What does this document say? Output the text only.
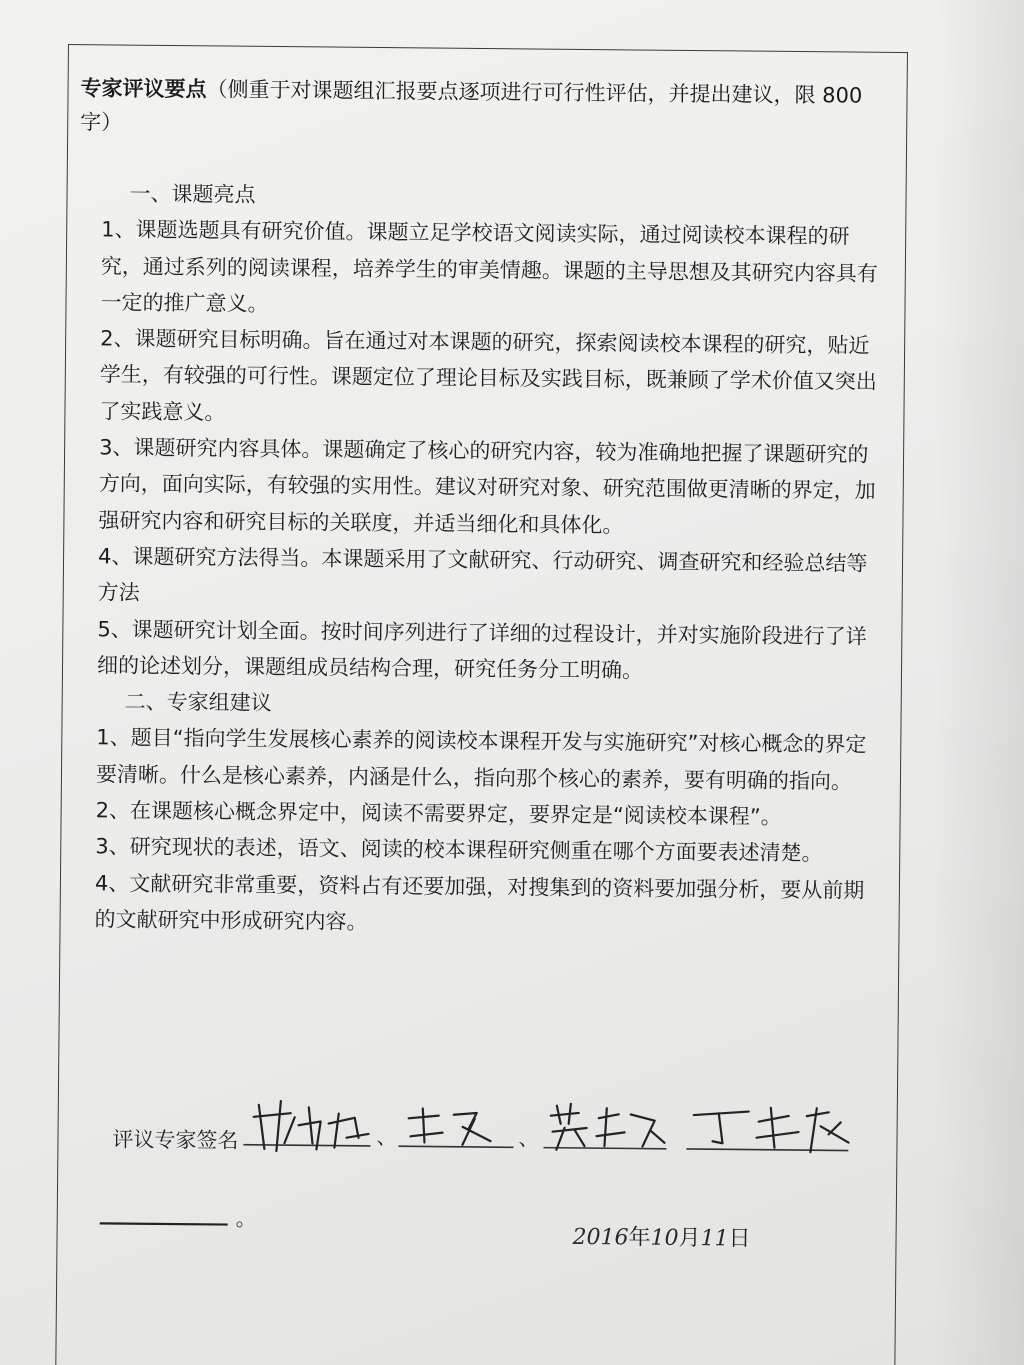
专家评议要点（侧重于对课题组汇报要点逐项进行可行性评估，并提出建议，限 800 字）
一、课题亮点

1、课题选题具有研究价值。课题立足学校语文阅读实际，通过阅读校本课程的研究，通过系列的阅读课程，培养学生的审美情趣。课题的主导思想及其研究内容具有一定的推广意义。

2、课题研究目标明确。旨在通过对本课题的研究，探索阅读校本课程的研究，贴近学生，有较强的可行性。课题定位了理论目标及实践目标，既兼顾了学术价值又突出了实践意义。

3、课题研究内容具体。课题确定了核心的研究内容，较为准确地把握了课题研究的方向，面向实际，有较强的实用性。建议对研究对象、研究范围做更清晰的界定，加强研究内容和研究目标的关联度，并适当细化和具体化。

4、课题研究方法得当。本课题采用了文献研究、行动研究、调查研究和经验总结等方法

5、课题研究计划全面。按时间序列进行了详细的过程设计，并对实施阶段进行了详细的论述划分，课题组成员结构合理，研究任务分工明确。

二、专家组建议

1、题目“指向学生发展核心素养的阅读校本课程开发与实施研究”对核心概念的界定要清晰。什么是核心素养，内涵是什么，指向那个核心的素养，要有明确的指向。

2、在课题核心概念界定中，阅读不需要界定，要界定是“阅读校本课程”。

3、研究现状的表述，语文、阅读的校本课程研究侧重在哪个方面要表述清楚。

4、文献研究非常重要，资料占有还要加强，对搜集到的资料要加强分析，要从前期的文献研究中形成研究内容。

评议专家签名	、	、
2016年10月11日
。
